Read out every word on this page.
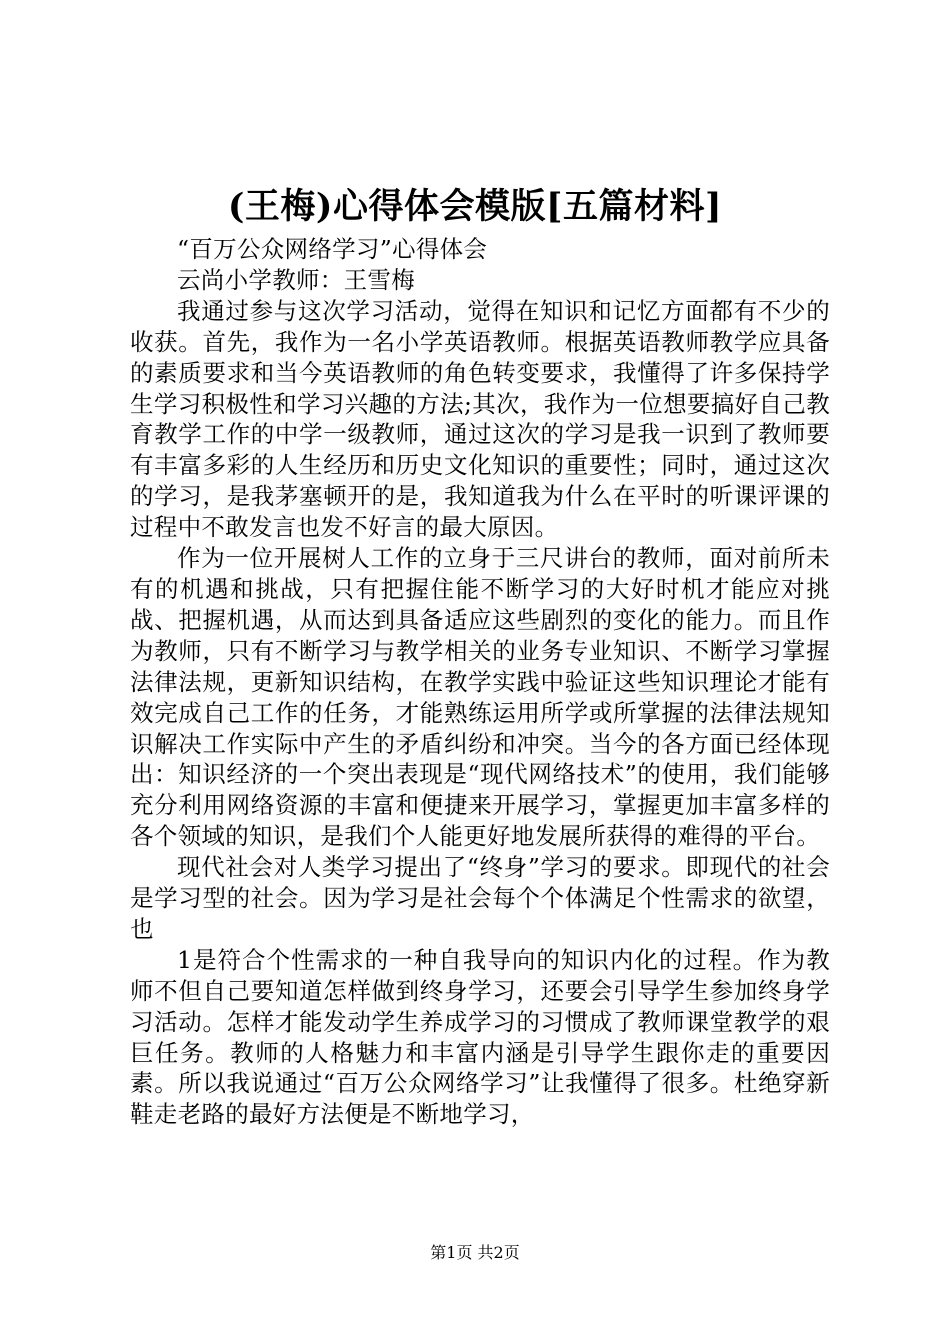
(王梅)心得体会模版[五篇材料]

“百万公众网络学习”心得体会

云尚小学教师：王雪梅

我通过参与这次学习活动，觉得在知识和记忆方面都有不少的收获。首先，我作为一名小学英语教师。根据英语教师教学应具备的素质要求和当今英语教师的角色转变要求，我懂得了许多保持学生学习积极性和学习兴趣的方法;其次，我作为一位想要搞好自己教育教学工作的中学一级教师，通过这次的学习是我一识到了教师要有丰富多彩的人生经历和历史文化知识的重要性；同时，通过这次的学习，是我茅塞顿开的是，我知道我为什么在平时的听课评课的过程中不敢发言也发不好言的最大原因。

作为一位开展树人工作的立身于三尺讲台的教师，面对前所未有的机遇和挑战，只有把握住能不断学习的大好时机才能应对挑战、把握机遇，从而达到具备适应这些剧烈的变化的能力。而且作为教师，只有不断学习与教学相关的业务专业知识、不断学习掌握法律法规，更新知识结构，在教学实践中验证这些知识理论才能有效完成自己工作的任务，才能熟练运用所学或所掌握的法律法规知识解决工作实际中产生的矛盾纠纷和冲突。当今的各方面已经体现出：知识经济的一个突出表现是“现代网络技术”的使用，我们能够充分利用网络资源的丰富和便捷来开展学习，掌握更加丰富多样的各个领域的知识，是我们个人能更好地发展所获得的难得的平台。

现代社会对人类学习提出了“终身”学习的要求。即现代的社会是学习型的社会。因为学习是社会每个个体满足个性需求的欲望，也

1是符合个性需求的一种自我导向的知识内化的过程。作为教师不但自己要知道怎样做到终身学习，还要会引导学生参加终身学习活动。怎样才能发动学生养成学习的习惯成了教师课堂教学的艰巨任务。教师的人格魅力和丰富内涵是引导学生跟你走的重要因素。所以我说通过“百万公众网络学习”让我懂得了很多。杜绝穿新鞋走老路的最好方法便是不断地学习，

第1页 共2页
